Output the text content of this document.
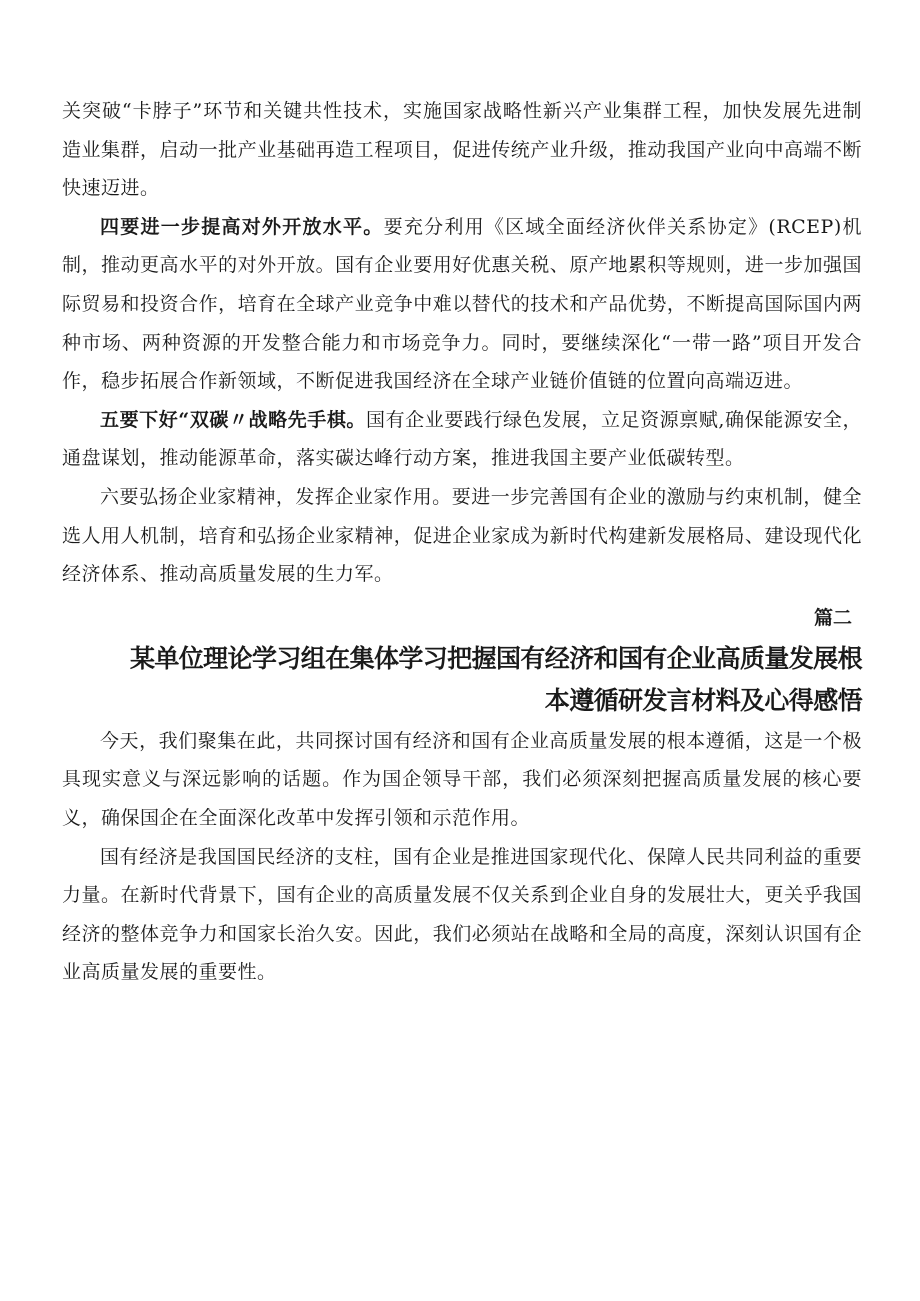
关突破“卡脖子”环节和关键共性技术，实施国家战略性新兴产业集群工程，加快发展先进制造业集群，启动一批产业基础再造工程项目，促进传统产业升级，推动我国产业向中高端不断快速迈进。

四要进一步提高对外开放水平。要充分利用《区域全面经济伙伴关系协定》(RCEP)机制，推动更高水平的对外开放。国有企业要用好优惠关税、原产地累积等规则，进一步加强国际贸易和投资合作，培育在全球产业竞争中难以替代的技术和产品优势，不断提高国际国内两种市场、两种资源的开发整合能力和市场竞争力。同时，要继续深化“一带一路”项目开发合作，稳步拓展合作新领域，不断促进我国经济在全球产业链价值链的位置向高端迈进。

五要下好“双碳〃战略先手棋。国有企业要践行绿色发展，立足资源禀赋,确保能源安全，通盘谋划，推动能源革命，落实碳达峰行动方案，推进我国主要产业低碳转型。

六要弘扬企业家精神，发挥企业家作用。要进一步完善国有企业的激励与约束机制，健全选人用人机制，培育和弘扬企业家精神，促进企业家成为新时代构建新发展格局、建设现代化经济体系、推动高质量发展的生力军。

篇二

某单位理论学习组在集体学习把握国有经济和国有企业高质量发展根
本遵循研发言材料及心得感悟

今天，我们聚集在此，共同探讨国有经济和国有企业高质量发展的根本遵循，这是一个极具现实意义与深远影响的话题。作为国企领导干部，我们必须深刻把握高质量发展的核心要义，确保国企在全面深化改革中发挥引领和示范作用。

国有经济是我国国民经济的支柱，国有企业是推进国家现代化、保障人民共同利益的重要力量。在新时代背景下，国有企业的高质量发展不仅关系到企业自身的发展壮大，更关乎我国经济的整体竞争力和国家长治久安。因此，我们必须站在战略和全局的高度，深刻认识国有企业高质量发展的重要性。
